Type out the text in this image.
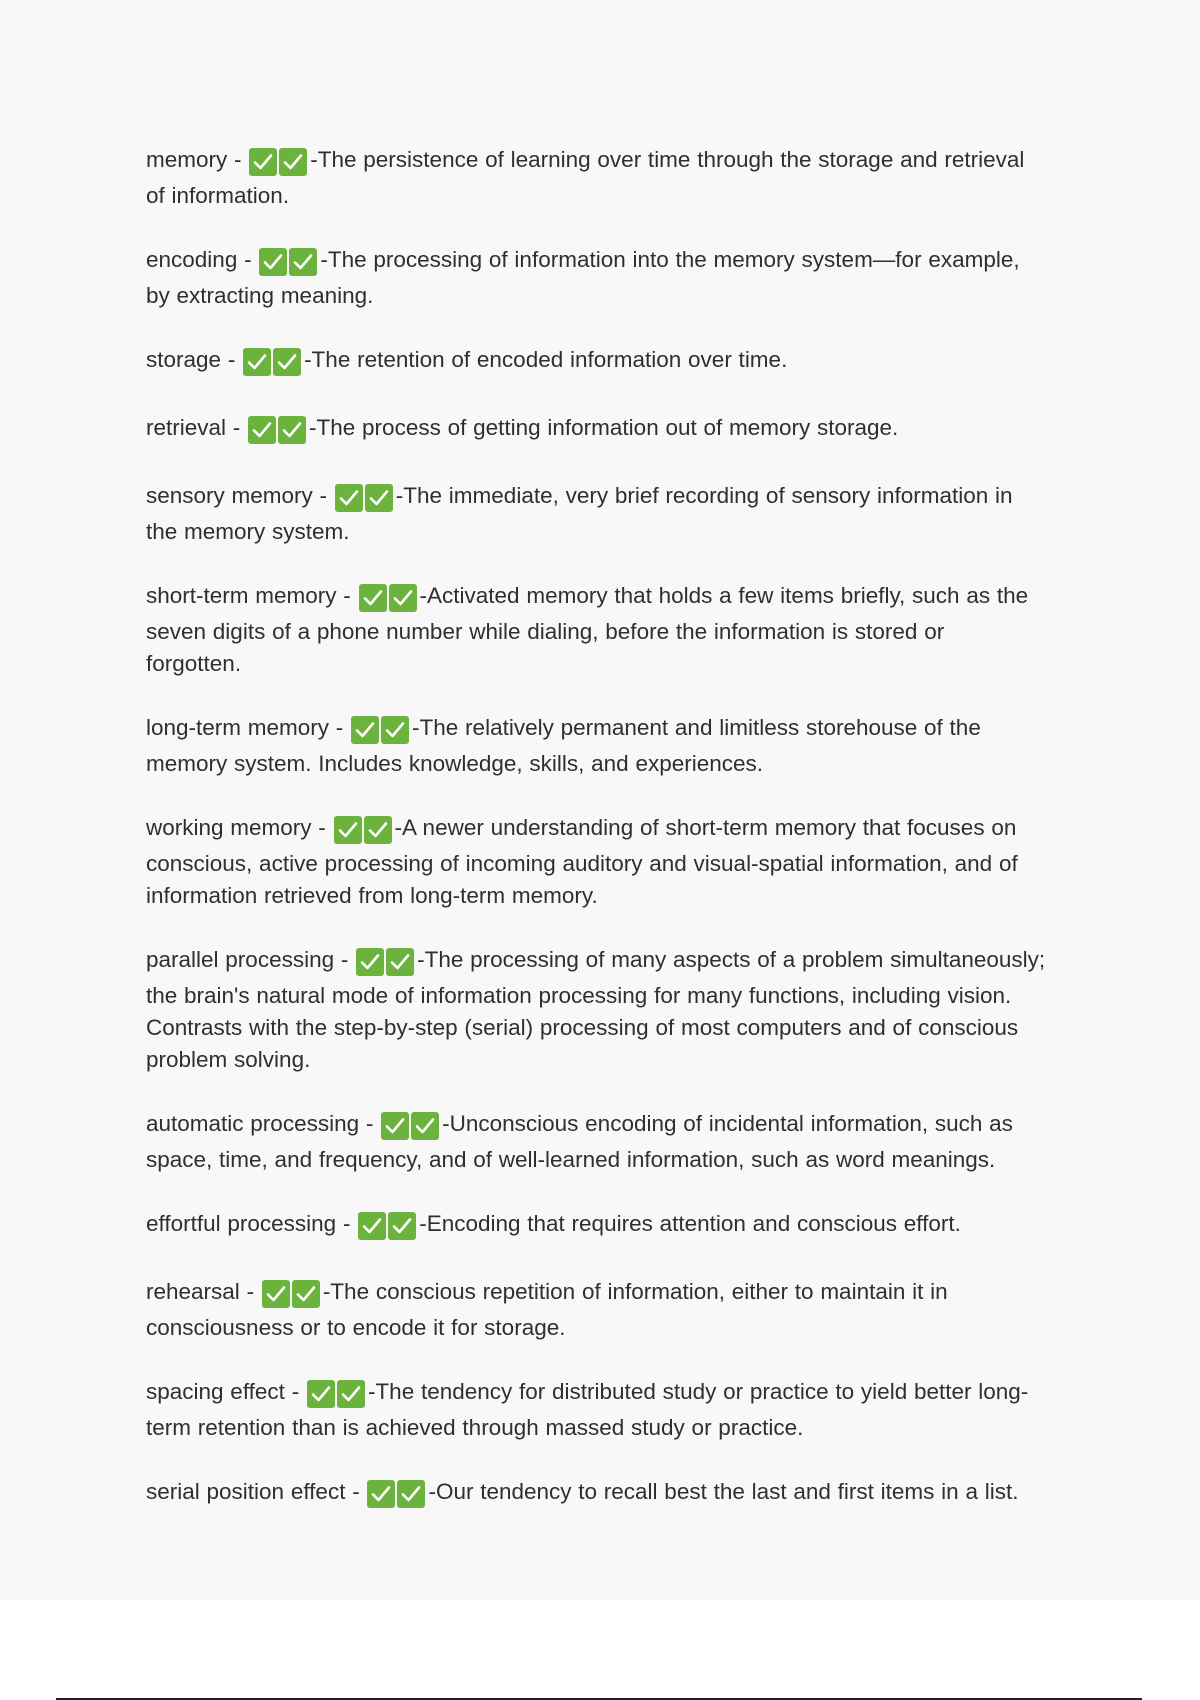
memory -	-The persistence of learning over time through the storage and retrieval of information.
encoding -	-The processing of information into the memory system—for example, by extracting meaning.
storage -	-The retention of encoded information over time.
retrieval -	-The process of getting information out of memory storage.
sensory memory -	-The immediate, very brief recording of sensory information in the memory system.
short-term memory -	-Activated memory that holds a few items briefly, such as the seven digits of a phone number while dialing, before the information is stored or forgotten.
long-term memory -	-The relatively permanent and limitless storehouse of the memory system. Includes knowledge, skills, and experiences.
working memory -	-A newer understanding of short-term memory that focuses on conscious, active processing of incoming auditory and visual-spatial information, and of information retrieved from long-term memory.
parallel processing -	-The processing of many aspects of a problem simultaneously; the brain's natural mode of information processing for many functions, including vision. Contrasts with the step-by-step (serial) processing of most computers and of conscious problem solving.
automatic processing -	-Unconscious encoding of incidental information, such as space, time, and frequency, and of well-learned information, such as word meanings.
effortful processing -	-Encoding that requires attention and conscious effort.
rehearsal -	-The conscious repetition of information, either to maintain it in consciousness or to encode it for storage.
spacing effect -	-The tendency for distributed study or practice to yield better long-term retention than is achieved through massed study or practice.
serial position effect -	-Our tendency to recall best the last and first items in a list.
